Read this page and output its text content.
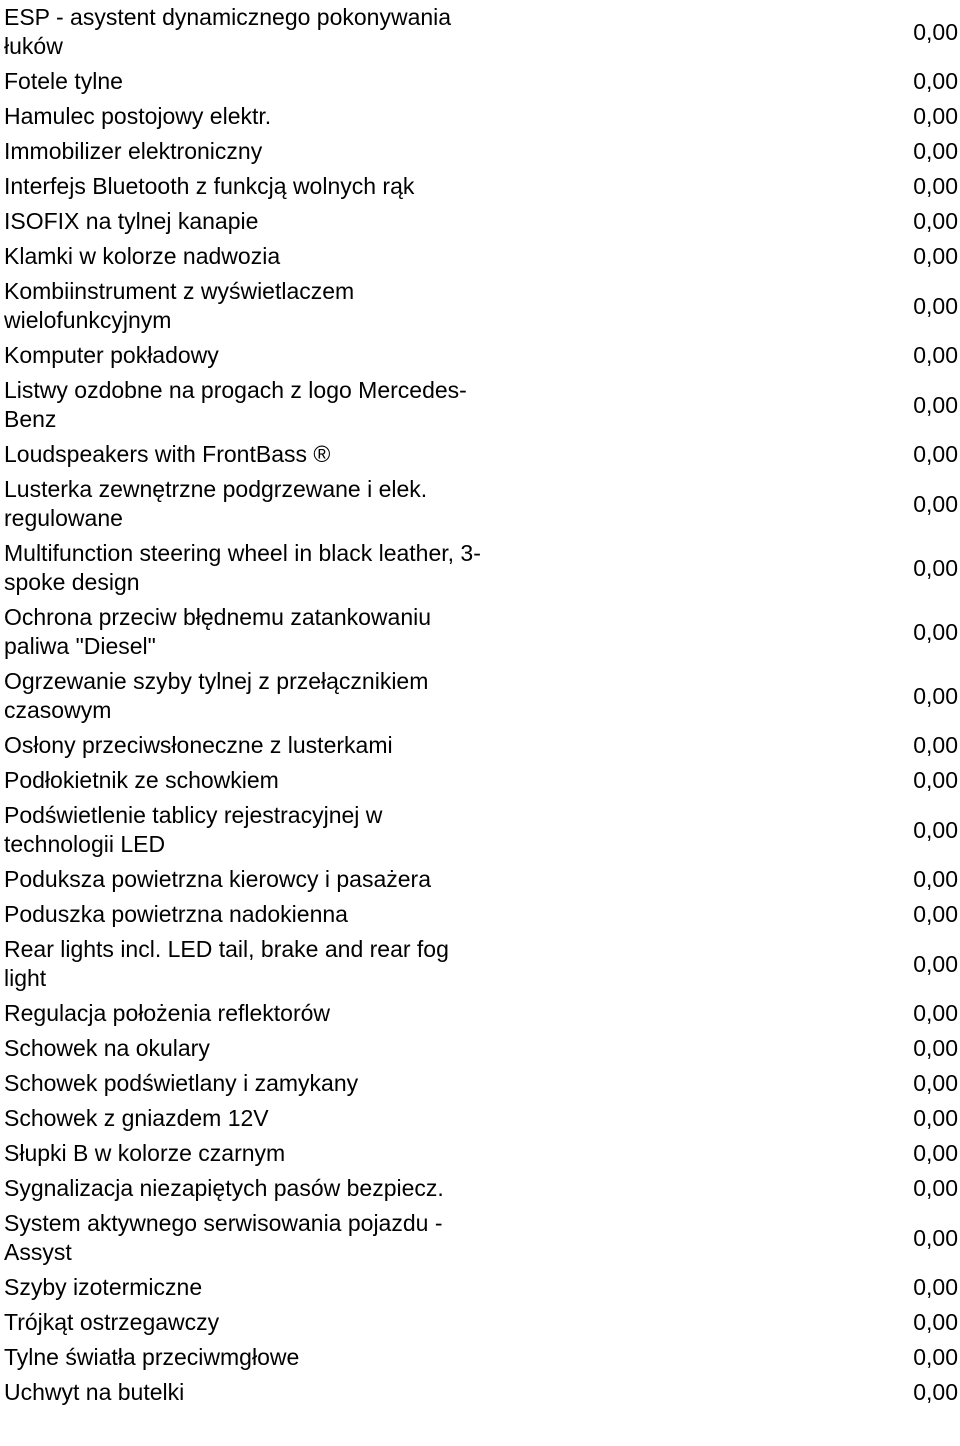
ESP - asystent dynamicznego pokonywania łuków	0,00
Fotele tylne	0,00
Hamulec postojowy elektr.	0,00
Immobilizer elektroniczny	0,00
Interfejs Bluetooth z funkcją wolnych rąk	0,00
ISOFIX na tylnej kanapie	0,00
Klamki w kolorze nadwozia	0,00
Kombiinstrument z wyświetlaczem wielofunkcyjnym	0,00
Komputer pokładowy	0,00
Listwy ozdobne na progach z logo Mercedes-Benz	0,00
Loudspeakers with FrontBass ®	0,00
Lusterka zewnętrzne podgrzewane i elek. regulowane	0,00
Multifunction steering wheel in black leather, 3-spoke design	0,00
Ochrona przeciw błędnemu zatankowaniu paliwa "Diesel"	0,00
Ogrzewanie szyby tylnej z przełącznikiem czasowym	0,00
Osłony przeciwsłoneczne z lusterkami	0,00
Podłokietnik ze schowkiem	0,00
Podświetlenie tablicy rejestracyjnej w technologii LED	0,00
Poduksza powietrzna kierowcy i pasażera	0,00
Poduszka powietrzna nadokienna	0,00
Rear lights incl. LED tail, brake and rear fog light	0,00
Regulacja położenia reflektorów	0,00
Schowek na okulary	0,00
Schowek podświetlany i zamykany	0,00
Schowek z gniazdem 12V	0,00
Słupki B w kolorze czarnym	0,00
Sygnalizacja niezapiętych pasów bezpiecz.	0,00
System aktywnego serwisowania pojazdu - Assyst	0,00
Szyby izotermiczne	0,00
Trójkąt ostrzegawczy	0,00
Tylne światła przeciwmgłowe	0,00
Uchwyt na butelki	0,00
